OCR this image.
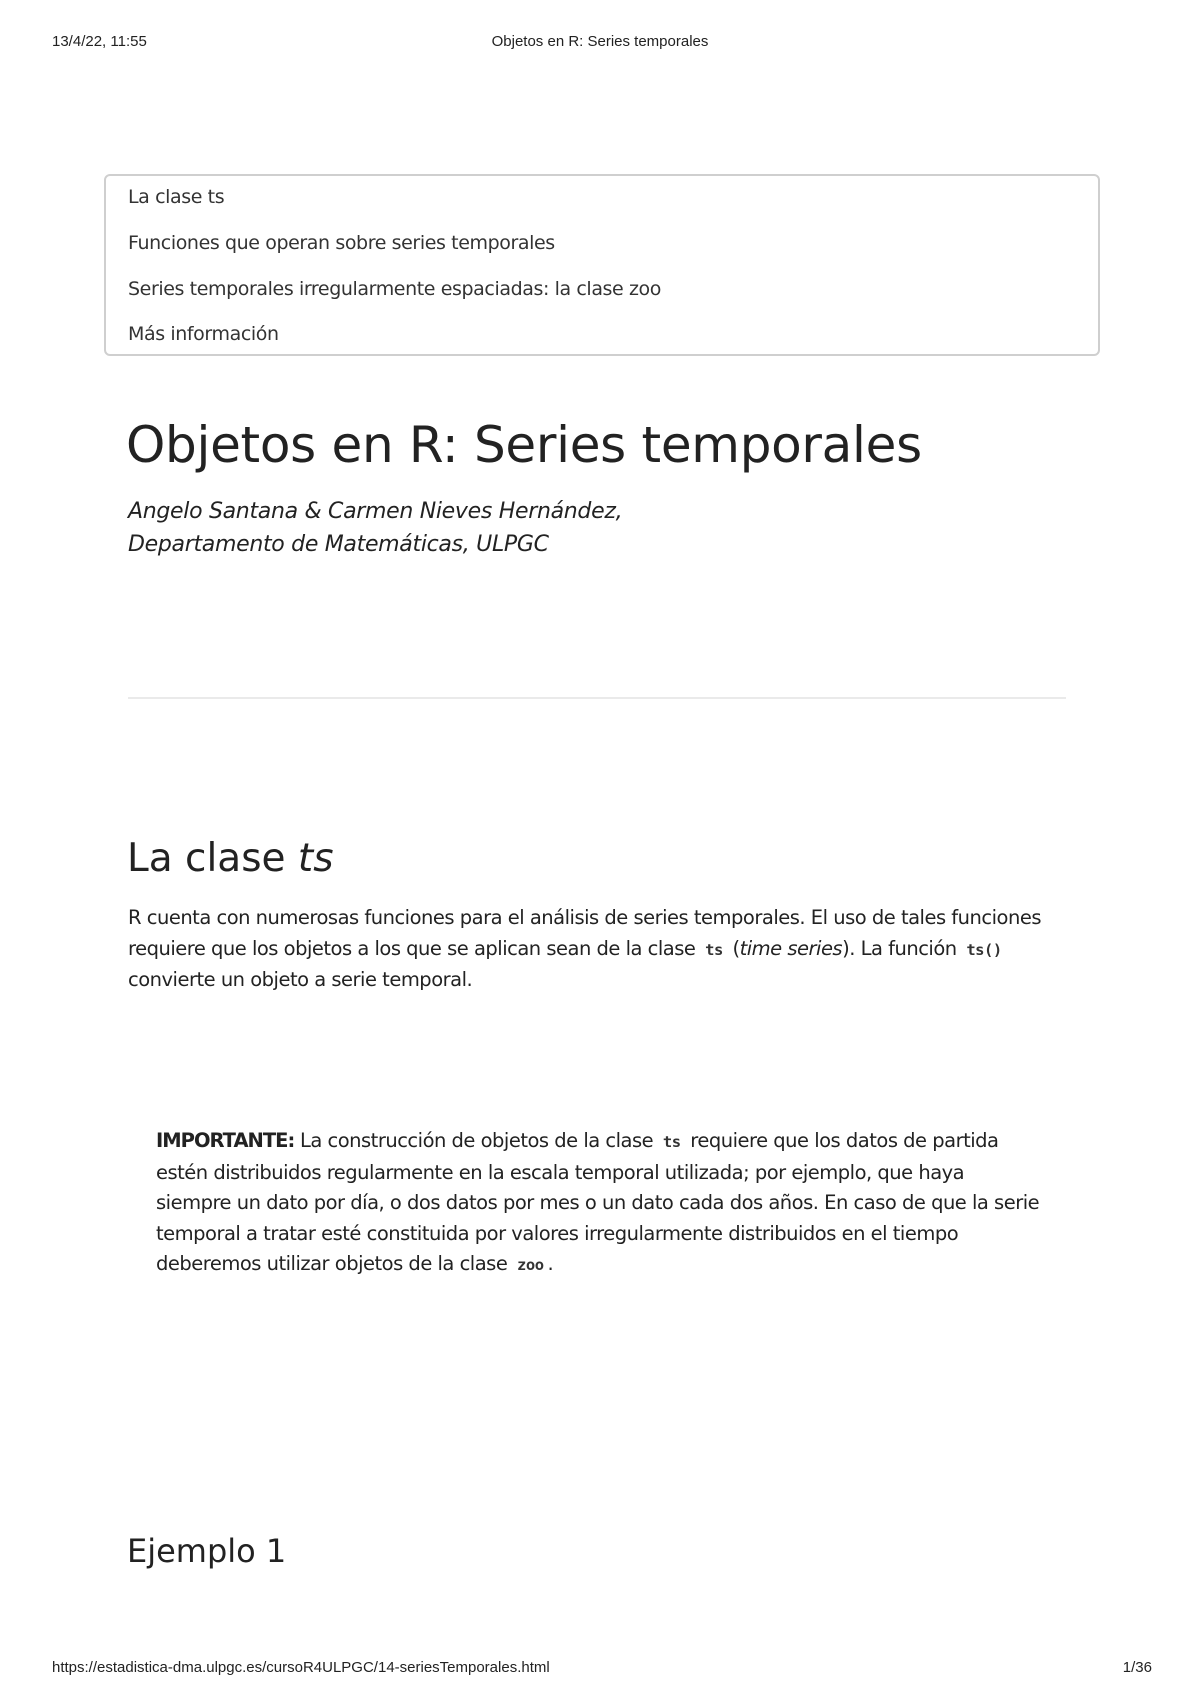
13/4/22, 11:55	Objetos en R: Series temporales
La clase ts
Funciones que operan sobre series temporales
Series temporales irregularmente espaciadas: la clase zoo
Más información
Objetos en R: Series temporales

Angelo Santana & Carmen Nieves Hernández,

Departamento de Matemáticas, ULPGC

La clase ts
R cuenta con numerosas funciones para el análisis de series temporales. El uso de tales funciones
requiere que los objetos a los que se aplican sean de la clase ts (time series). La función ts()
convierte un objeto a serie temporal.
IMPORTANTE: La construcción de objetos de la clase ts requiere que los datos de partida
estén distribuidos regularmente en la escala temporal utilizada; por ejemplo, que haya
siempre un dato por día, o dos datos por mes o un dato cada dos años. En caso de que la serie
temporal a tratar esté constituida por valores irregularmente distribuidos en el tiempo
deberemos utilizar objetos de la clase zoo .
Ejemplo 1
https://estadistica-dma.ulpgc.es/cursoR4ULPGC/14-seriesTemporales.html	1/36
